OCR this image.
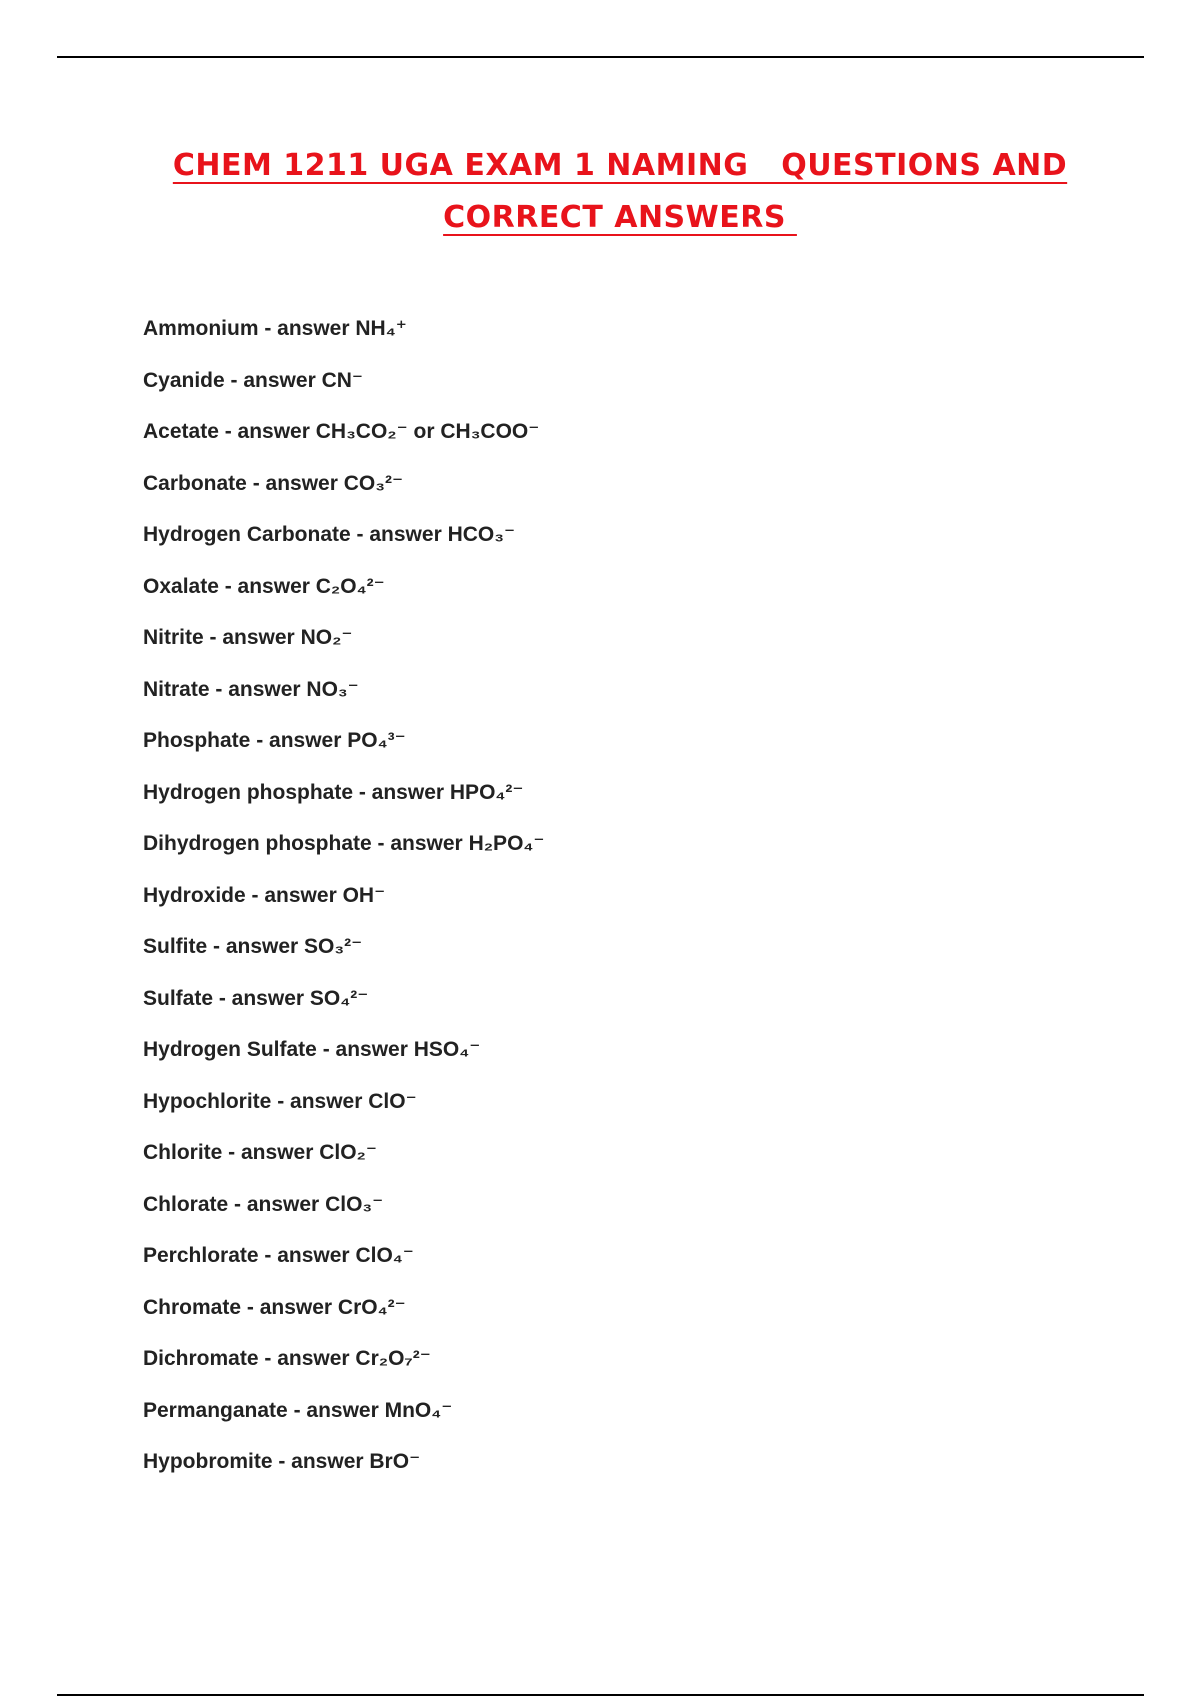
CHEM 1211 UGA EXAM 1 NAMING   QUESTIONS AND
CORRECT ANSWERS
Ammonium - answer NH₄⁺
Cyanide - answer CN⁻
Acetate - answer CH₃CO₂⁻ or CH₃COO⁻
Carbonate - answer CO₃²⁻
Hydrogen Carbonate - answer HCO₃⁻
Oxalate - answer C₂O₄²⁻
Nitrite - answer NO₂⁻
Nitrate - answer NO₃⁻
Phosphate - answer PO₄³⁻
Hydrogen phosphate - answer HPO₄²⁻
Dihydrogen phosphate - answer H₂PO₄⁻
Hydroxide - answer OH⁻
Sulfite - answer SO₃²⁻
Sulfate - answer SO₄²⁻
Hydrogen Sulfate - answer HSO₄⁻
Hypochlorite - answer ClO⁻
Chlorite - answer ClO₂⁻
Chlorate - answer ClO₃⁻
Perchlorate - answer ClO₄⁻
Chromate - answer CrO₄²⁻
Dichromate - answer Cr₂O₇²⁻
Permanganate - answer MnO₄⁻
Hypobromite - answer BrO⁻
